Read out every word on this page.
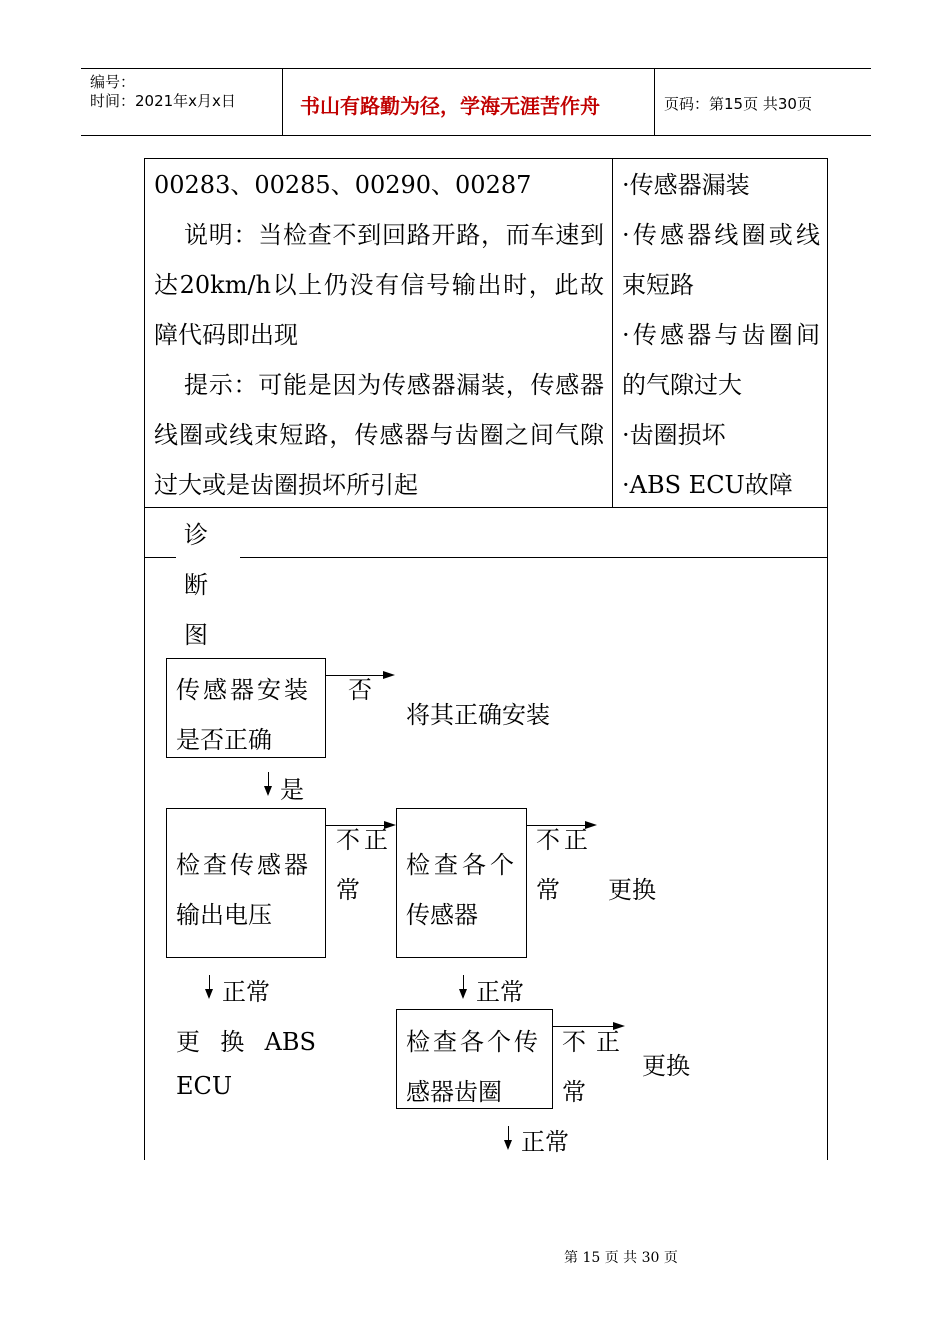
编号：
时间：2021年x月x日	书山有路勤为径，学海无涯苦作舟	页码：第15页 共30页
00283、00285、00290、00287
说明：当检查不到回路开路，而车速到达20km/h以上仍没有信号输出时，此故障代码即出现
提示：可能是因为传感器漏装，传感器线圈或线束短路，传感器与齿圈之间气隙过大或是齿圈损坏所引起
·传感器漏装
·传感器线圈或线束短路
·传感器与齿圈间的气隙过大
·齿圈损坏
·ABS ECU故障
诊
断
图
传感器安装
是否正确
否
将其正确安装
是
检查传感器
输出电压
不正
常
检查各个
传感器
不正
常 更换
正常
更换ABS
ECU
正常
检查各个传
感器齿圈
不正
常
更换
正常
第 15 页 共 30 页
